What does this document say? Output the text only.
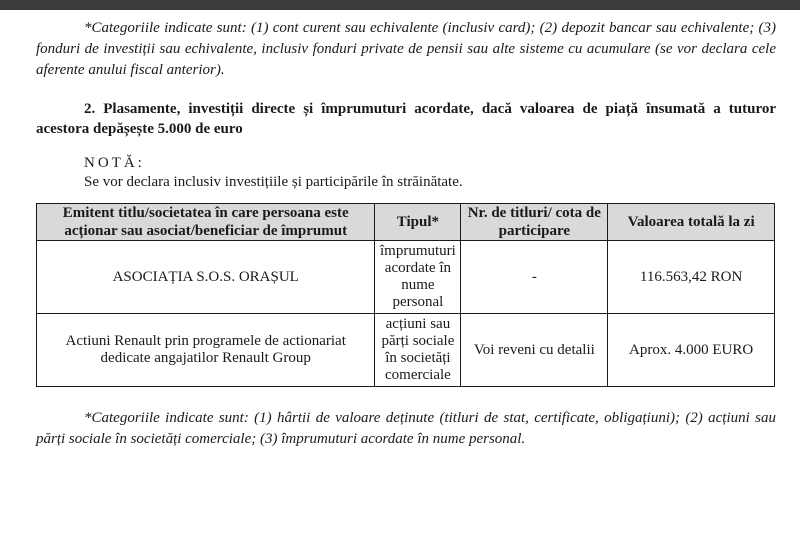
*Categoriile indicate sunt: (1) cont curent sau echivalente (inclusiv card); (2) depozit bancar sau echivalente; (3) fonduri de investiții sau echivalente, inclusiv fonduri private de pensii sau alte sisteme cu acumulare (se vor declara cele aferente anului fiscal anterior).

2. Plasamente, investiții directe și împrumuturi acordate, dacă valoarea de piață însumată a tuturor acestora depășește 5.000 de euro

NOTĂ:
Se vor declara inclusiv investițiile și participările în străinătate.
Emitent titlu/societatea în care persoana este acționar sau asociat/beneficiar de împrumut	Tipul*	Nr. de titluri/ cota de participare	Valoarea totală la zi
ASOCIAȚIA S.O.S. ORAȘUL	împrumuturi acordate în nume personal	-	116.563,42 RON
Actiuni Renault prin programele de actionariat dedicate angajatilor Renault Group	acțiuni sau părți sociale în societăți comerciale	Voi reveni cu detalii	Aprox. 4.000 EURO

*Categoriile indicate sunt: (1) hârtii de valoare deținute (titluri de stat, certificate, obligațiuni); (2) acțiuni sau părți sociale în societăți comerciale; (3) împrumuturi acordate în nume personal.
